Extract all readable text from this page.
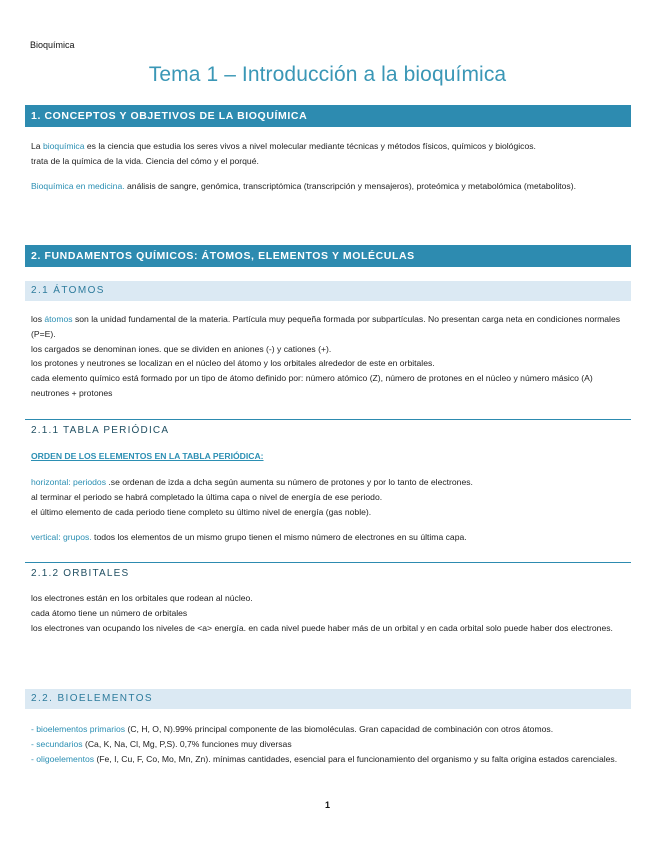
Bioquímica
Tema 1 – Introducción a la bioquímica
1. CONCEPTOS Y OBJETIVOS DE LA BIOQUÍMICA

La bioquímica es la ciencia que estudia los seres vivos a nivel molecular mediante técnicas y métodos físicos, químicos y biológicos.

trata de la química de la vida. Ciencia del cómo y el porqué.

Bioquímica en medicina. análisis de sangre, genómica, transcriptómica (transcripción y mensajeros), proteómica y metabolómica (metabolitos).

2. FUNDAMENTOS QUÍMICOS: ÁTOMOS, ELEMENTOS Y MOLÉCULAS
2.1 ÁTOMOS

los átomos son la unidad fundamental de la materia. Partícula muy pequeña formada por subpartículas. No presentan carga neta en condiciones normales (P=E).

los cargados se denominan iones. que se dividen en aniones (-) y cationes (+).

los protones y neutrones se localizan en el núcleo del átomo y los orbitales alrededor de este en orbitales.

cada elemento químico está formado por un tipo de átomo definido por: número atómico (Z), número de protones en el núcleo y número másico (A) neutrones + protones

2.1.1 TABLA PERIÓDICA
ORDEN DE LOS ELEMENTOS EN LA TABLA PERIÓDICA:

horizontal: periodos .se ordenan de izda a dcha según aumenta su número de protones y por lo tanto de electrones.

al terminar el periodo se habrá completado la última capa o nivel de energía de ese periodo.

el último elemento de cada periodo tiene completo su último nivel de energía (gas noble).

vertical: grupos. todos los elementos de un mismo grupo tienen el mismo número de electrones en su última capa.

2.1.2 ORBITALES

los electrones están en los orbitales que rodean al núcleo.

cada átomo tiene un número de orbitales

los electrones van ocupando los niveles de <a> energía. en cada nivel puede haber más de un orbital y en cada orbital solo puede haber dos electrones.

2.2. BIOELEMENTOS

- bioelementos primarios (C, H, O, N).99% principal componente de las biomoléculas. Gran capacidad de combinación con otros átomos.

- secundarios (Ca, K, Na, Cl, Mg, P,S). 0,7% funciones muy diversas

- oligoelementos (Fe, I, Cu, F, Co, Mo, Mn, Zn). mínimas cantidades, esencial para el funcionamiento del organismo y su falta origina estados carenciales.

1
